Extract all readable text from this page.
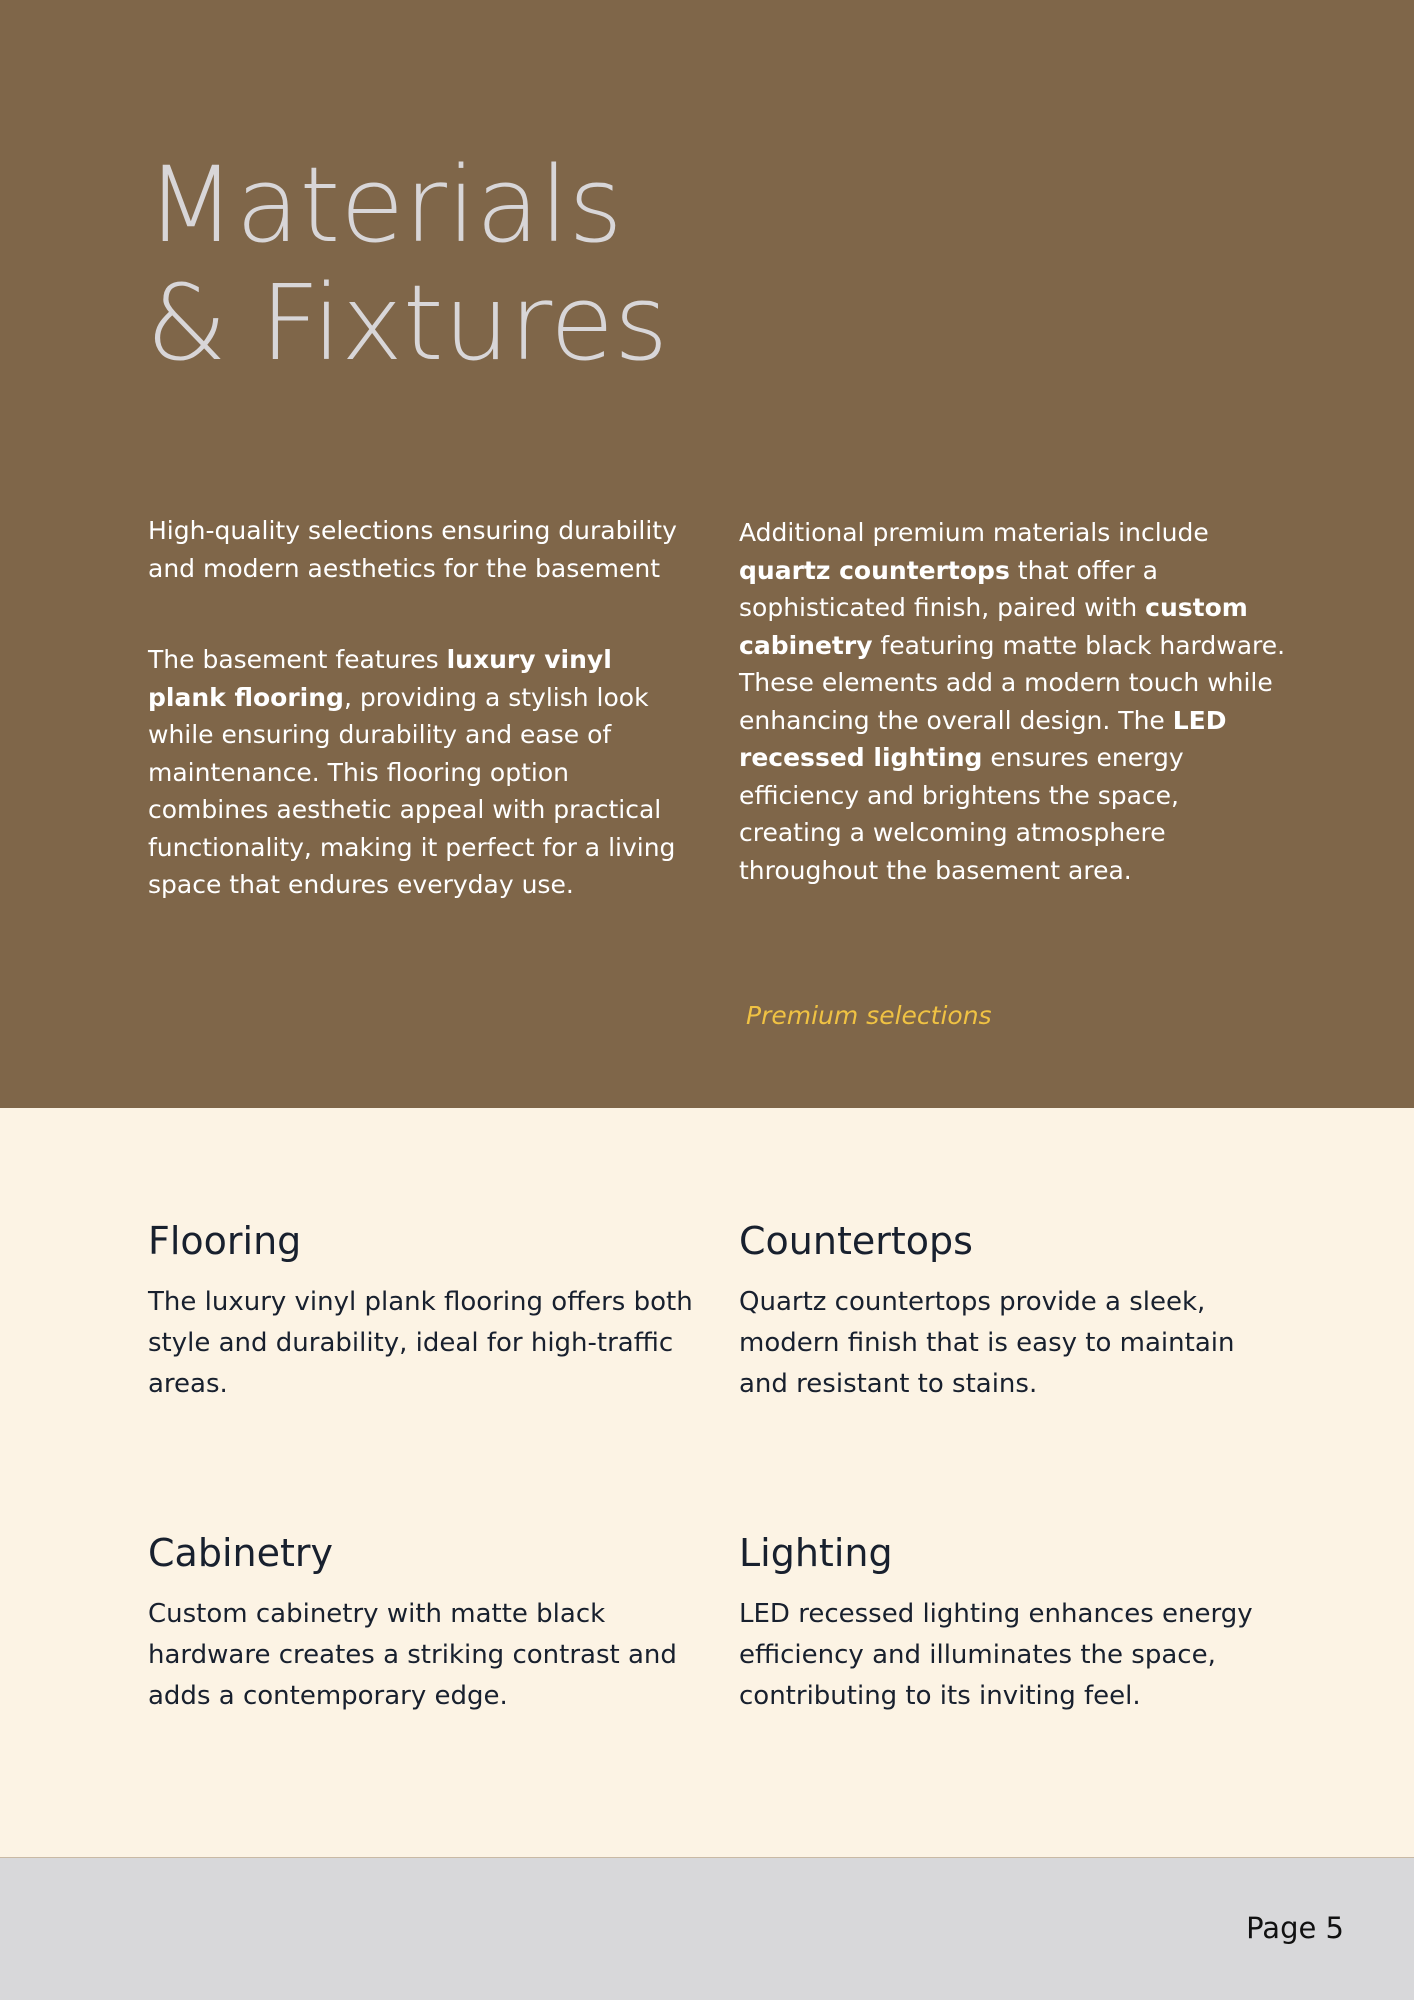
Materials
& Fixtures

High-quality selections ensuring durability and modern aesthetics for the basement

The basement features luxury vinyl plank flooring, providing a stylish look while ensuring durability and ease of maintenance. This flooring option combines aesthetic appeal with practical functionality, making it perfect for a living space that endures everyday use.

Additional premium materials include quartz countertops that offer a sophisticated finish, paired with custom cabinetry featuring matte black hardware. These elements add a modern touch while enhancing the overall design. The LED recessed lighting ensures energy efficiency and brightens the space, creating a welcoming atmosphere throughout the basement area.

Premium selections
Flooring

The luxury vinyl plank flooring offers both style and durability, ideal for high-traffic areas.

Countertops

Quartz countertops provide a sleek, modern finish that is easy to maintain and resistant to stains.

Cabinetry

Custom cabinetry with matte black hardware creates a striking contrast and adds a contemporary edge.

Lighting

LED recessed lighting enhances energy efficiency and illuminates the space, contributing to its inviting feel.

Page 5
